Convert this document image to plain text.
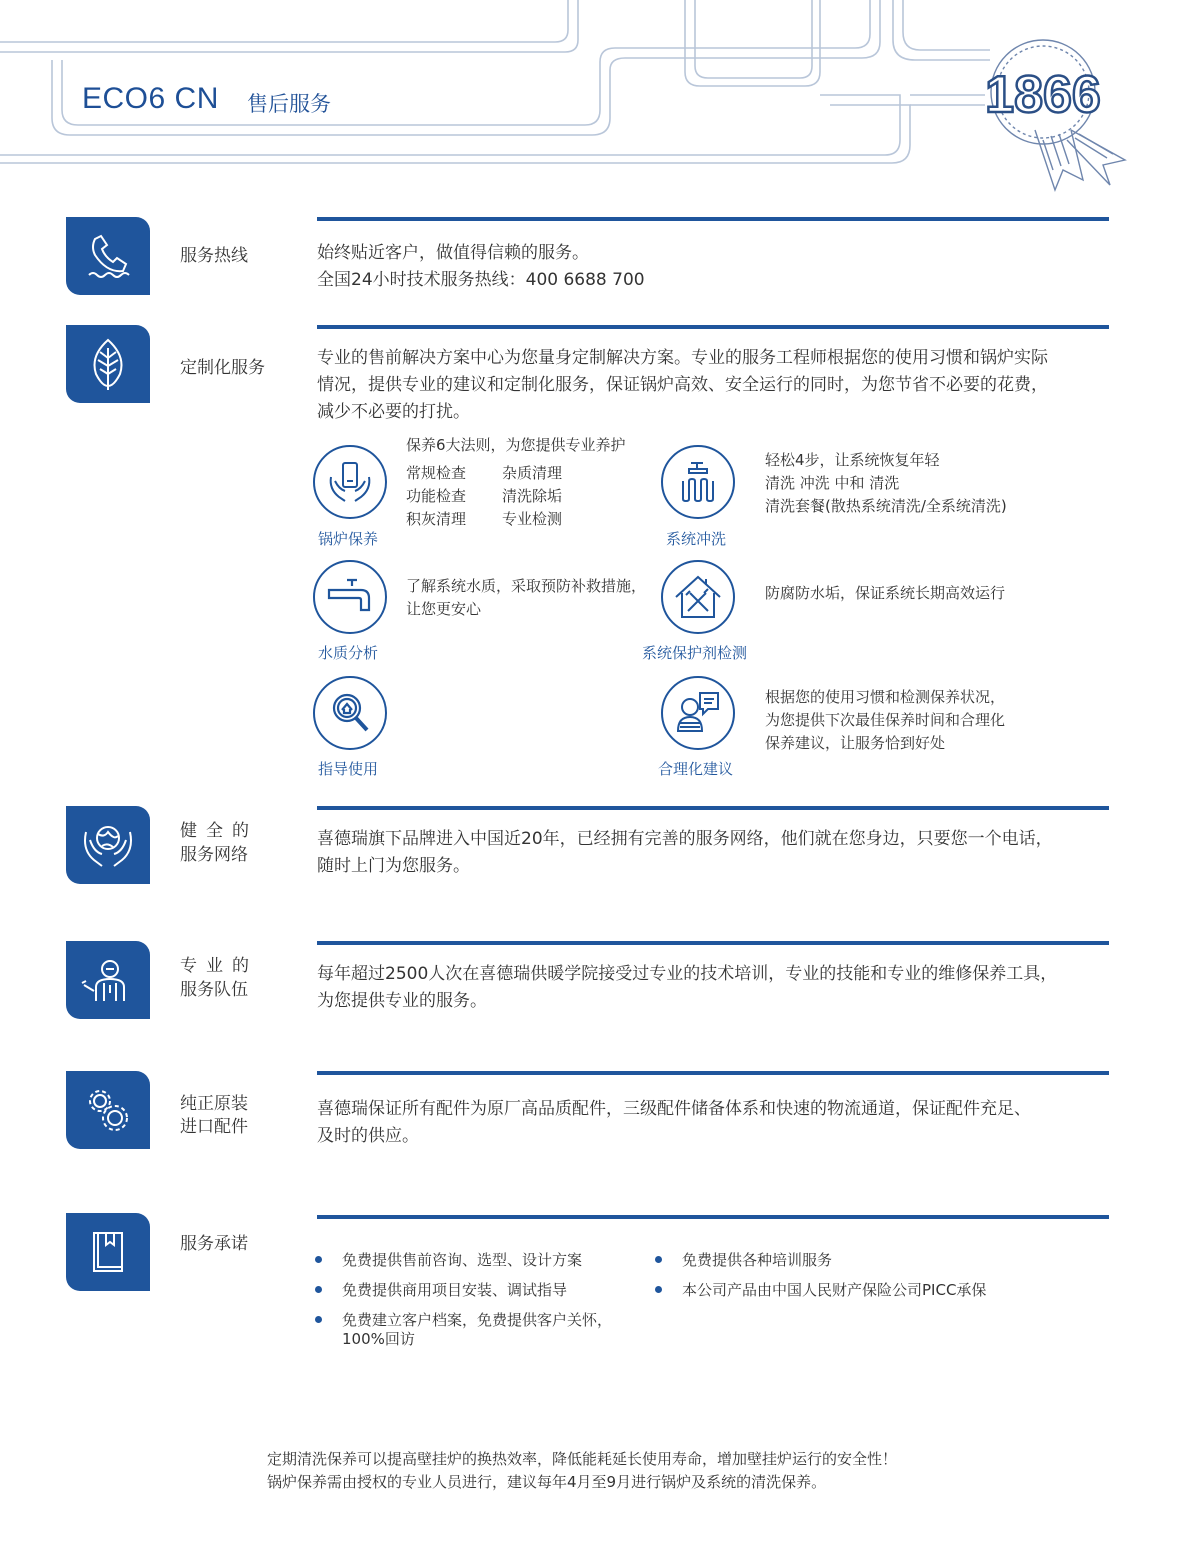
1866
ECO6 CN 售后服务
服务热线	始终贴近客户，做值得信赖的服务。
全国24小时技术服务热线：400 6688 700
定制化服务	专业的售前解决方案中心为您量身定制解决方案。专业的服务工程师根据您的使用习惯和锅炉实际
情况，提供专业的建议和定制化服务，保证锅炉高效、安全运行的同时，为您节省不必要的花费，
减少不必要的打扰。
锅炉保养
保养6大法则，为您提供专业养护
常规检查 杂质清理
功能检查 清洗除垢
积灰清理 专业检测
系统冲洗
轻松4步，让系统恢复年轻
清洗 冲洗 中和 清洗
清洗套餐(散热系统清洗/全系统清洗)
水质分析
了解系统水质，采取预防补救措施，
让您更安心
系统保护剂检测
防腐防水垢，保证系统长期高效运行
指导使用	合理化建议
根据您的使用习惯和检测保养状况，
为您提供下次最佳保养时间和合理化
保养建议，让服务恰到好处
健全的
服务网络
喜德瑞旗下品牌进入中国近20年，已经拥有完善的服务网络，他们就在您身边，只要您一个电话，
随时上门为您服务。
专业的
服务队伍
每年超过2500人次在喜德瑞供暖学院接受过专业的技术培训，专业的技能和专业的维修保养工具，
为您提供专业的服务。
纯正原装
进口配件
喜德瑞保证所有配件为原厂高品质配件，三级配件储备体系和快速的物流通道，保证配件充足、
及时的供应。
服务承诺
免费提供售前咨询、选型、设计方案
免费提供商用项目安装、调试指导
免费建立客户档案，免费提供客户关怀，
100%回访
免费提供各种培训服务
本公司产品由中国人民财产保险公司PICC承保
定期清洗保养可以提高壁挂炉的换热效率，降低能耗延长使用寿命，增加壁挂炉运行的安全性！
锅炉保养需由授权的专业人员进行，建议每年4月至9月进行锅炉及系统的清洗保养。
